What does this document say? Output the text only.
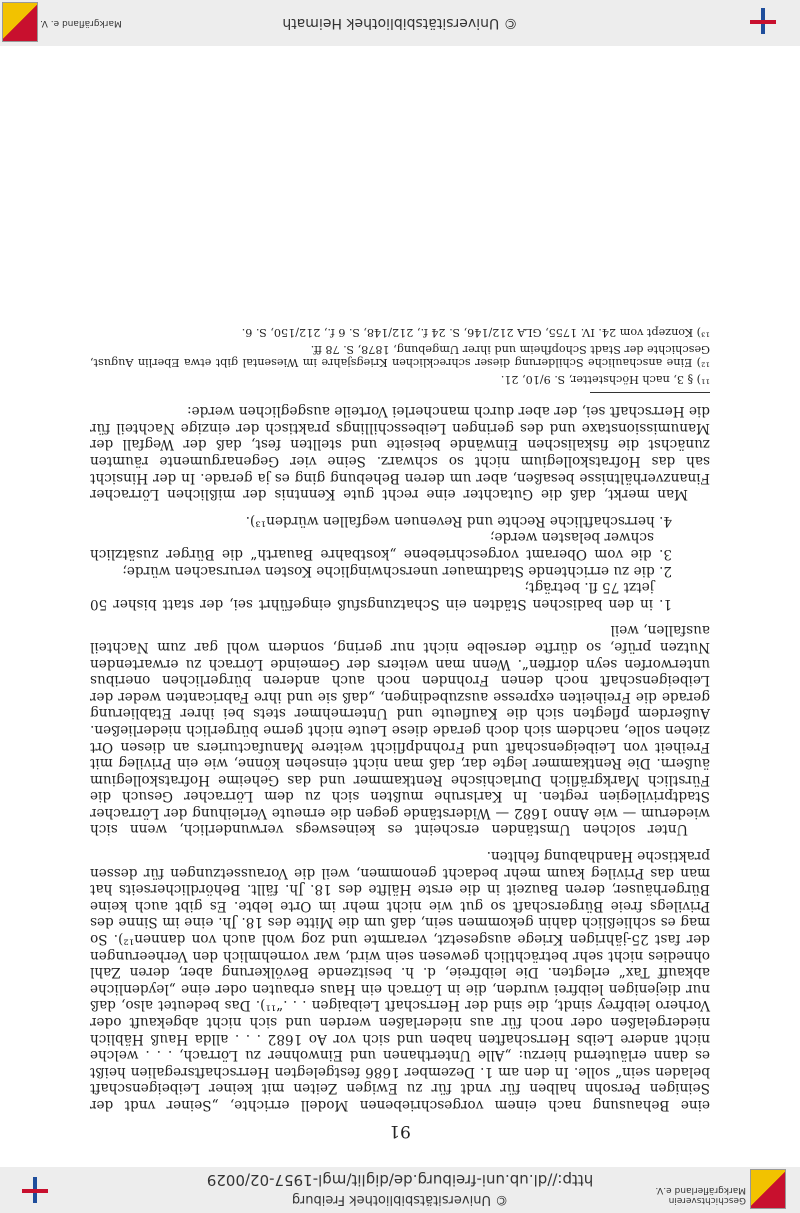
Geschichtsverein Markgräflerland e.V.
© Universitätsbibliothek Freiburg
http://dl.ub.uni-freiburg.de/diglit/mgl-1957-02/0029
91

eine Behausung nach einem vorgeschriebenen Modell errichte, „Seiner vndt der Seinigen Persohn halben für vndt für zu Ewigen Zeiten mit keiner Leibeigenschaft beladen sein“ solle. In den am 1. Dezember 1686 festgelegten Herrschaftsregalien heißt es dann erläuternd hierzu: „Alle Unterthanen und Einwohner zu Lörrach, . . . welche nicht andere Leibs Herrschaften haben und sich vor Ao 1682 . . . allda Hauß Häblich niedergelaßen oder noch für aus niederlaßen werden und sich nicht abgekauft oder Vorhero leibfrey sindt, die sind der Herrschaft Leibaigen . . .“¹¹). Das bedeutet also, daß nur diejenigen leibfrei wurden, die in Lörrach ein Haus erbauten oder eine „leydenliche abkauff Tax“ erlegten. Die leibfreie, d. h. besitzende Bevölkerung aber, deren Zahl ohnedies nicht sehr beträchtlich gewesen sein wird, war vornehmlich den Verheerungen der fast 25-jährigen Kriege ausgesetzt, verarmte und zog wohl auch von dannen¹²). So mag es schließlich dahin gekommen sein, daß um die Mitte des 18. Jh. eine im Sinne des Privilegs freie Bürgerschaft so gut wie nicht mehr im Orte lebte. Es gibt auch keine Bürgerhäuser, deren Bauzeit in die erste Hälfte des 18. Jh. fällt. Behördlicherseits hat man das Privileg kaum mehr bedacht genommen, weil die Voraussetzungen für dessen praktische Handhabung fehlten.

Unter solchen Umständen erscheint es keineswegs verwunderlich, wenn sich wiederum — wie Anno 1682 — Widerstände gegen die erneute Verleihung der Lörracher Stadtprivilegien regten. In Karlsruhe mußten sich zu dem Lörracher Gesuch die Fürstlich Markgräflich Durlachische Rentkammer und das Geheime Hofratskollegium äußern. Die Rentkammer legte dar, daß man nicht einsehen könne, wie ein Privileg mit Freiheit von Leibeigenschaft und Frohndpflicht weitere Manufacturiers an diesen Ort ziehen solle, nachdem sich doch gerade diese Leute nicht gerne bürgerlich niederließen. Außerdem pflegten sich die Kaufleute und Unternehmer stets bei ihrer Etablierung gerade die Freiheiten expresse auszubedingen, „daß sie und ihre Fabricanten weder der Leibeigenschaft noch denen Frohnden noch auch anderen bürgerlichen oneribus unterworfen seyn dörffen“. Wenn man weiters der Gemeinde Lörrach zu erwartenden Nutzen prüfe, so dürfte derselbe nicht nur gering, sondern wohl gar zum Nachteil ausfallen, weil

1. in den badischen Städten ein Schatzungsfuß eingeführt sei, der statt bisher 50 jetzt 75 fl. beträgt;
2. die zu errichtende Stadtmauer unerschwingliche Kosten verursachen würde;
3. die vom Oberamt vorgeschriebene „kostbahre Bauarth“ die Bürger zusätzlich schwer belasten werde;
4. herrschaftliche Rechte und Revenuen wegfallen würden¹³).

Man merkt, daß die Gutachter eine recht gute Kenntnis der mißlichen Lörracher Finanzverhältnisse besaßen, aber um deren Behebung ging es ja gerade. In der Hinsicht sah das Hofratskollegium nicht so schwarz. Seine vier Gegenargumente räumten zunächst die fiskalischen Einwände beiseite und stellten fest, daß der Wegfall der Manumissionstaxe und des geringen Leibesschillings praktisch der einzige Nachteil für die Herrschaft sei, der aber durch mancherlei Vorteile ausgeglichen werde:

¹¹) § 3, nach Höchstetter, S. 9/10, 21.

¹²) Eine anschauliche Schilderung dieser schrecklichen Kriegsjahre im Wiesental gibt etwa Eberlin August, Geschichte der Stadt Schopfheim und ihrer Umgebung, 1878, S. 78 ff.

¹³) Konzept vom 24. IV. 1755, GLA 212/146, S. 24 f., 212/148, S. 6 f., 212/150, S. 6.

© Universitätsbibliothek Heimath
Markgräfland e. V.
